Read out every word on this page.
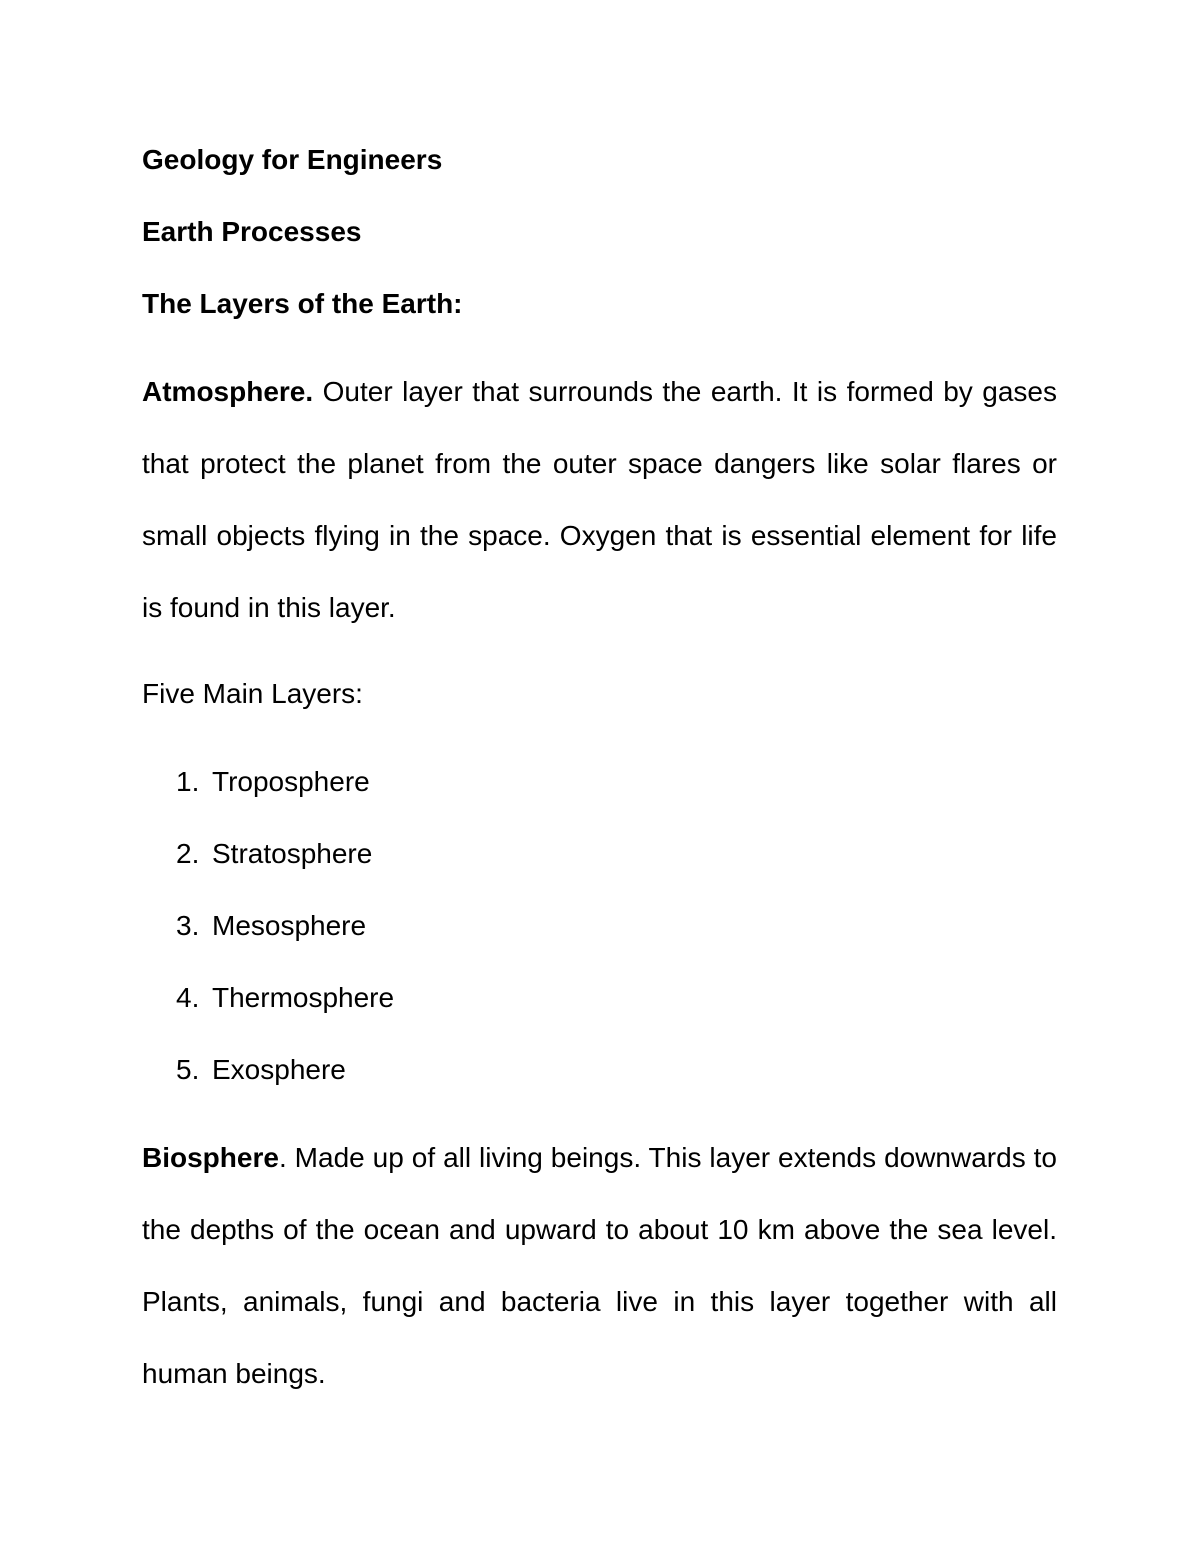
Geology for Engineers
Earth Processes
The Layers of the Earth:
Atmosphere. Outer layer that surrounds the earth. It is formed by gases that protect the planet from the outer space dangers like solar flares or small objects flying in the space. Oxygen that is essential element for life is found in this layer.
Five Main Layers:
1. Troposphere
2. Stratosphere
3. Mesosphere
4. Thermosphere
5. Exosphere
Biosphere. Made up of all living beings. This layer extends downwards to the depths of the ocean and upward to about 10 km above the sea level. Plants, animals, fungi and bacteria live in this layer together with all human beings.
